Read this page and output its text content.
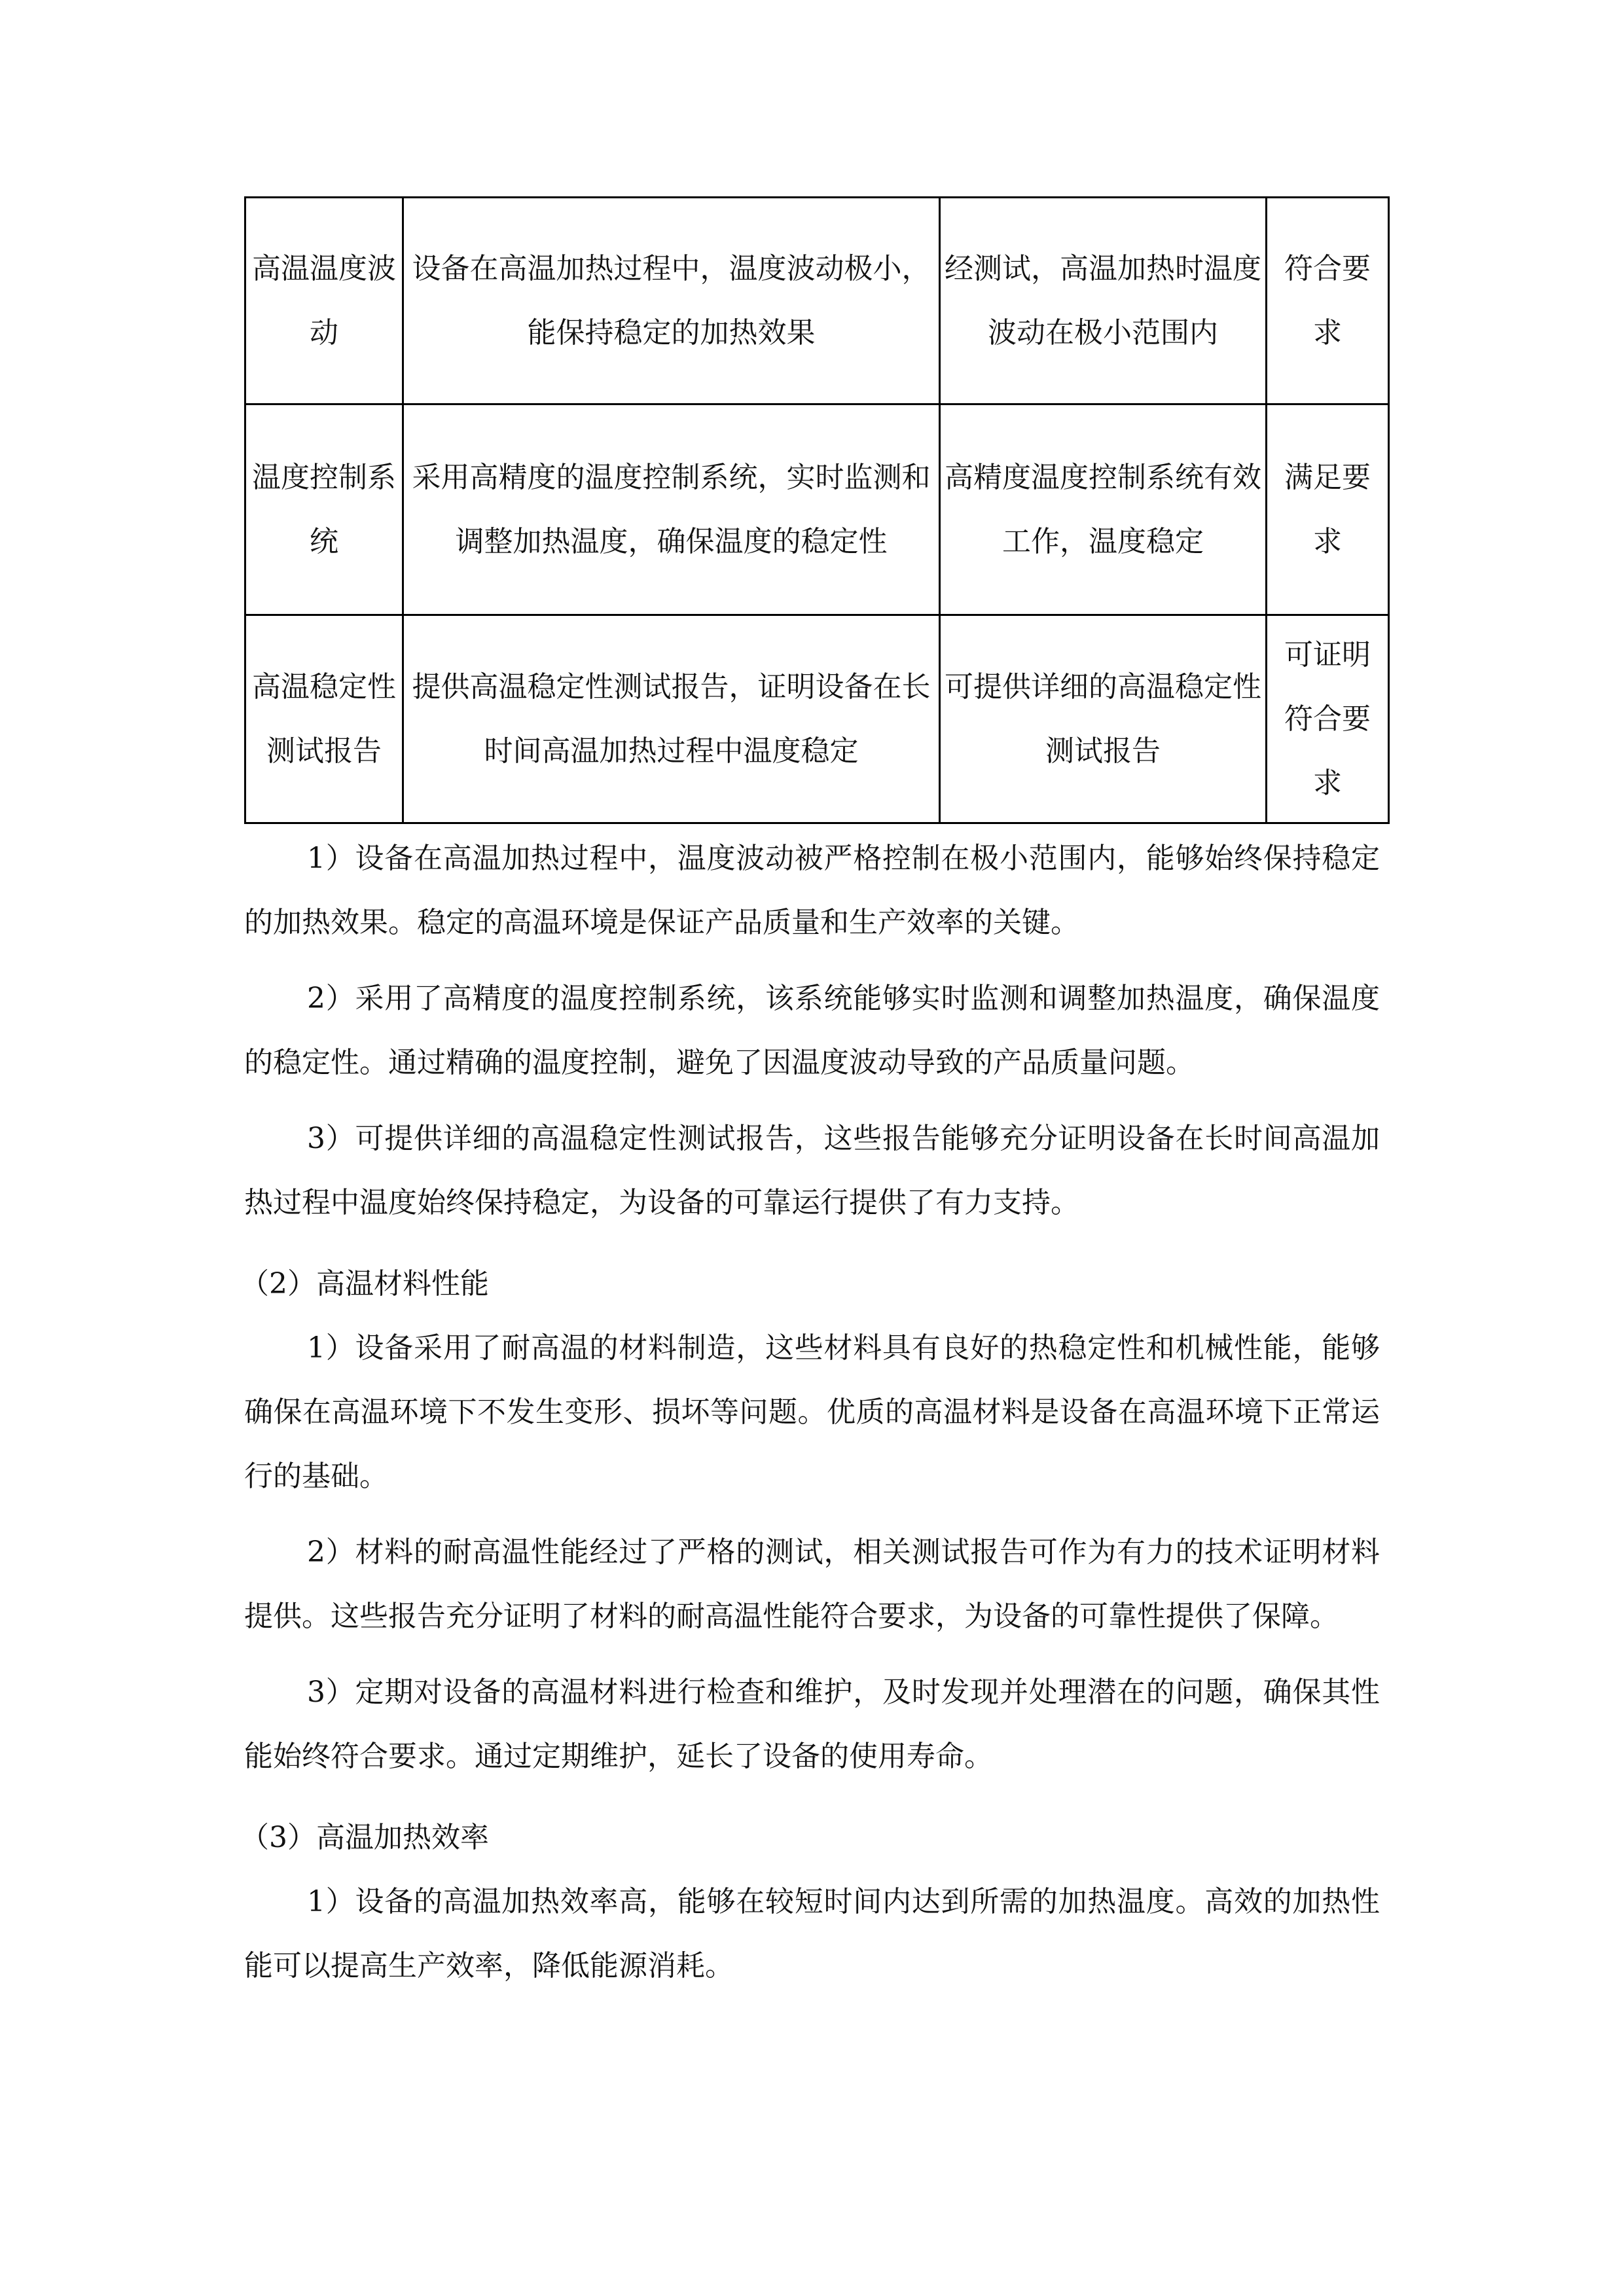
高温温度波动	设备在高温加热过程中，温度波动极小，能保持稳定的加热效果	经测试，高温加热时温度波动在极小范围内	符合要求
温度控制系统	采用高精度的温度控制系统，实时监测和调整加热温度，确保温度的稳定性	高精度温度控制系统有效工作，温度稳定	满足要求
高温稳定性测试报告	提供高温稳定性测试报告，证明设备在长时间高温加热过程中温度稳定	可提供详细的高温稳定性测试报告	可证明符合要求

1）设备在高温加热过程中，温度波动被严格控制在极小范围内，能够始终保持稳定的加热效果。稳定的高温环境是保证产品质量和生产效率的关键。

2）采用了高精度的温度控制系统，该系统能够实时监测和调整加热温度，确保温度的稳定性。通过精确的温度控制，避免了因温度波动导致的产品质量问题。

3）可提供详细的高温稳定性测试报告，这些报告能够充分证明设备在长时间高温加热过程中温度始终保持稳定，为设备的可靠运行提供了有力支持。

（2）高温材料性能

1）设备采用了耐高温的材料制造，这些材料具有良好的热稳定性和机械性能，能够确保在高温环境下不发生变形、损坏等问题。优质的高温材料是设备在高温环境下正常运行的基础。

2）材料的耐高温性能经过了严格的测试，相关测试报告可作为有力的技术证明材料提供。这些报告充分证明了材料的耐高温性能符合要求，为设备的可靠性提供了保障。

3）定期对设备的高温材料进行检查和维护，及时发现并处理潜在的问题，确保其性能始终符合要求。通过定期维护，延长了设备的使用寿命。

（3）高温加热效率

1）设备的高温加热效率高，能够在较短时间内达到所需的加热温度。高效的加热性能可以提高生产效率，降低能源消耗。
